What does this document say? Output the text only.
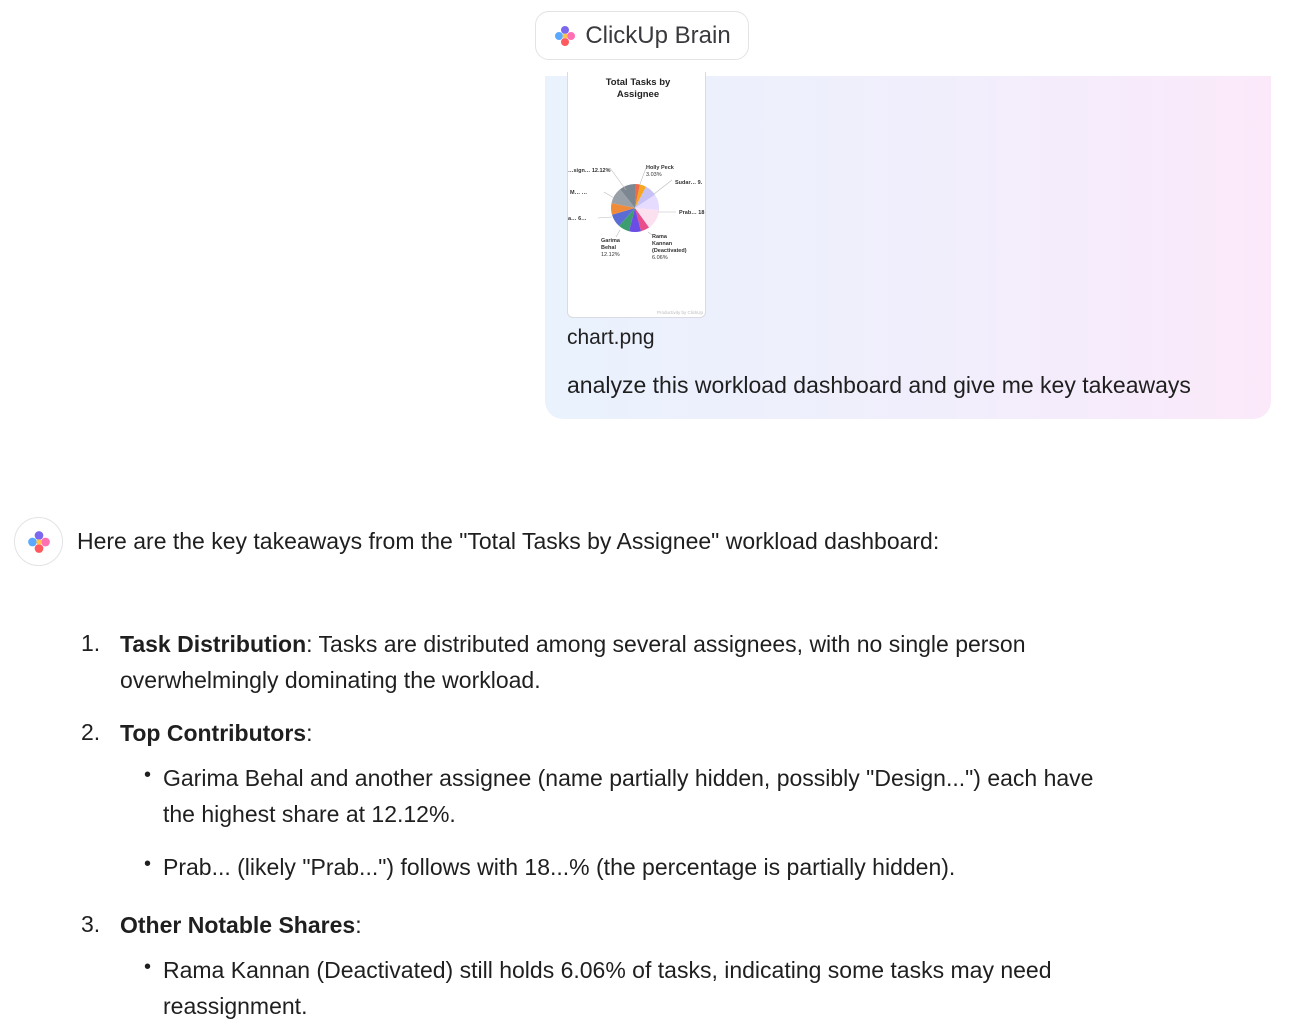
ClickUp Brain
Total Tasks by
Assignee
Holly Peck
3.03%
…sign… 12.12%
Sudar… 9.
M… …
Prab… 18
a… 6…
Garima
Behal
12.12%
Rama
Kannan
(Deactivated)
6.06%
Productivity by ClickUp
chart.png
analyze this workload dashboard and give me key takeaways
Here are the key takeaways from the "Total Tasks by Assignee" workload dashboard:
1. Task Distribution: Tasks are distributed among several assignees, with no single person
overwhelmingly dominating the workload.
2. Top Contributors:
• Garima Behal and another assignee (name partially hidden, possibly "Design...") each have
the highest share at 12.12%.
• Prab... (likely "Prab...") follows with 18...% (the percentage is partially hidden).
3. Other Notable Shares:
• Rama Kannan (Deactivated) still holds 6.06% of tasks, indicating some tasks may need
reassignment.
